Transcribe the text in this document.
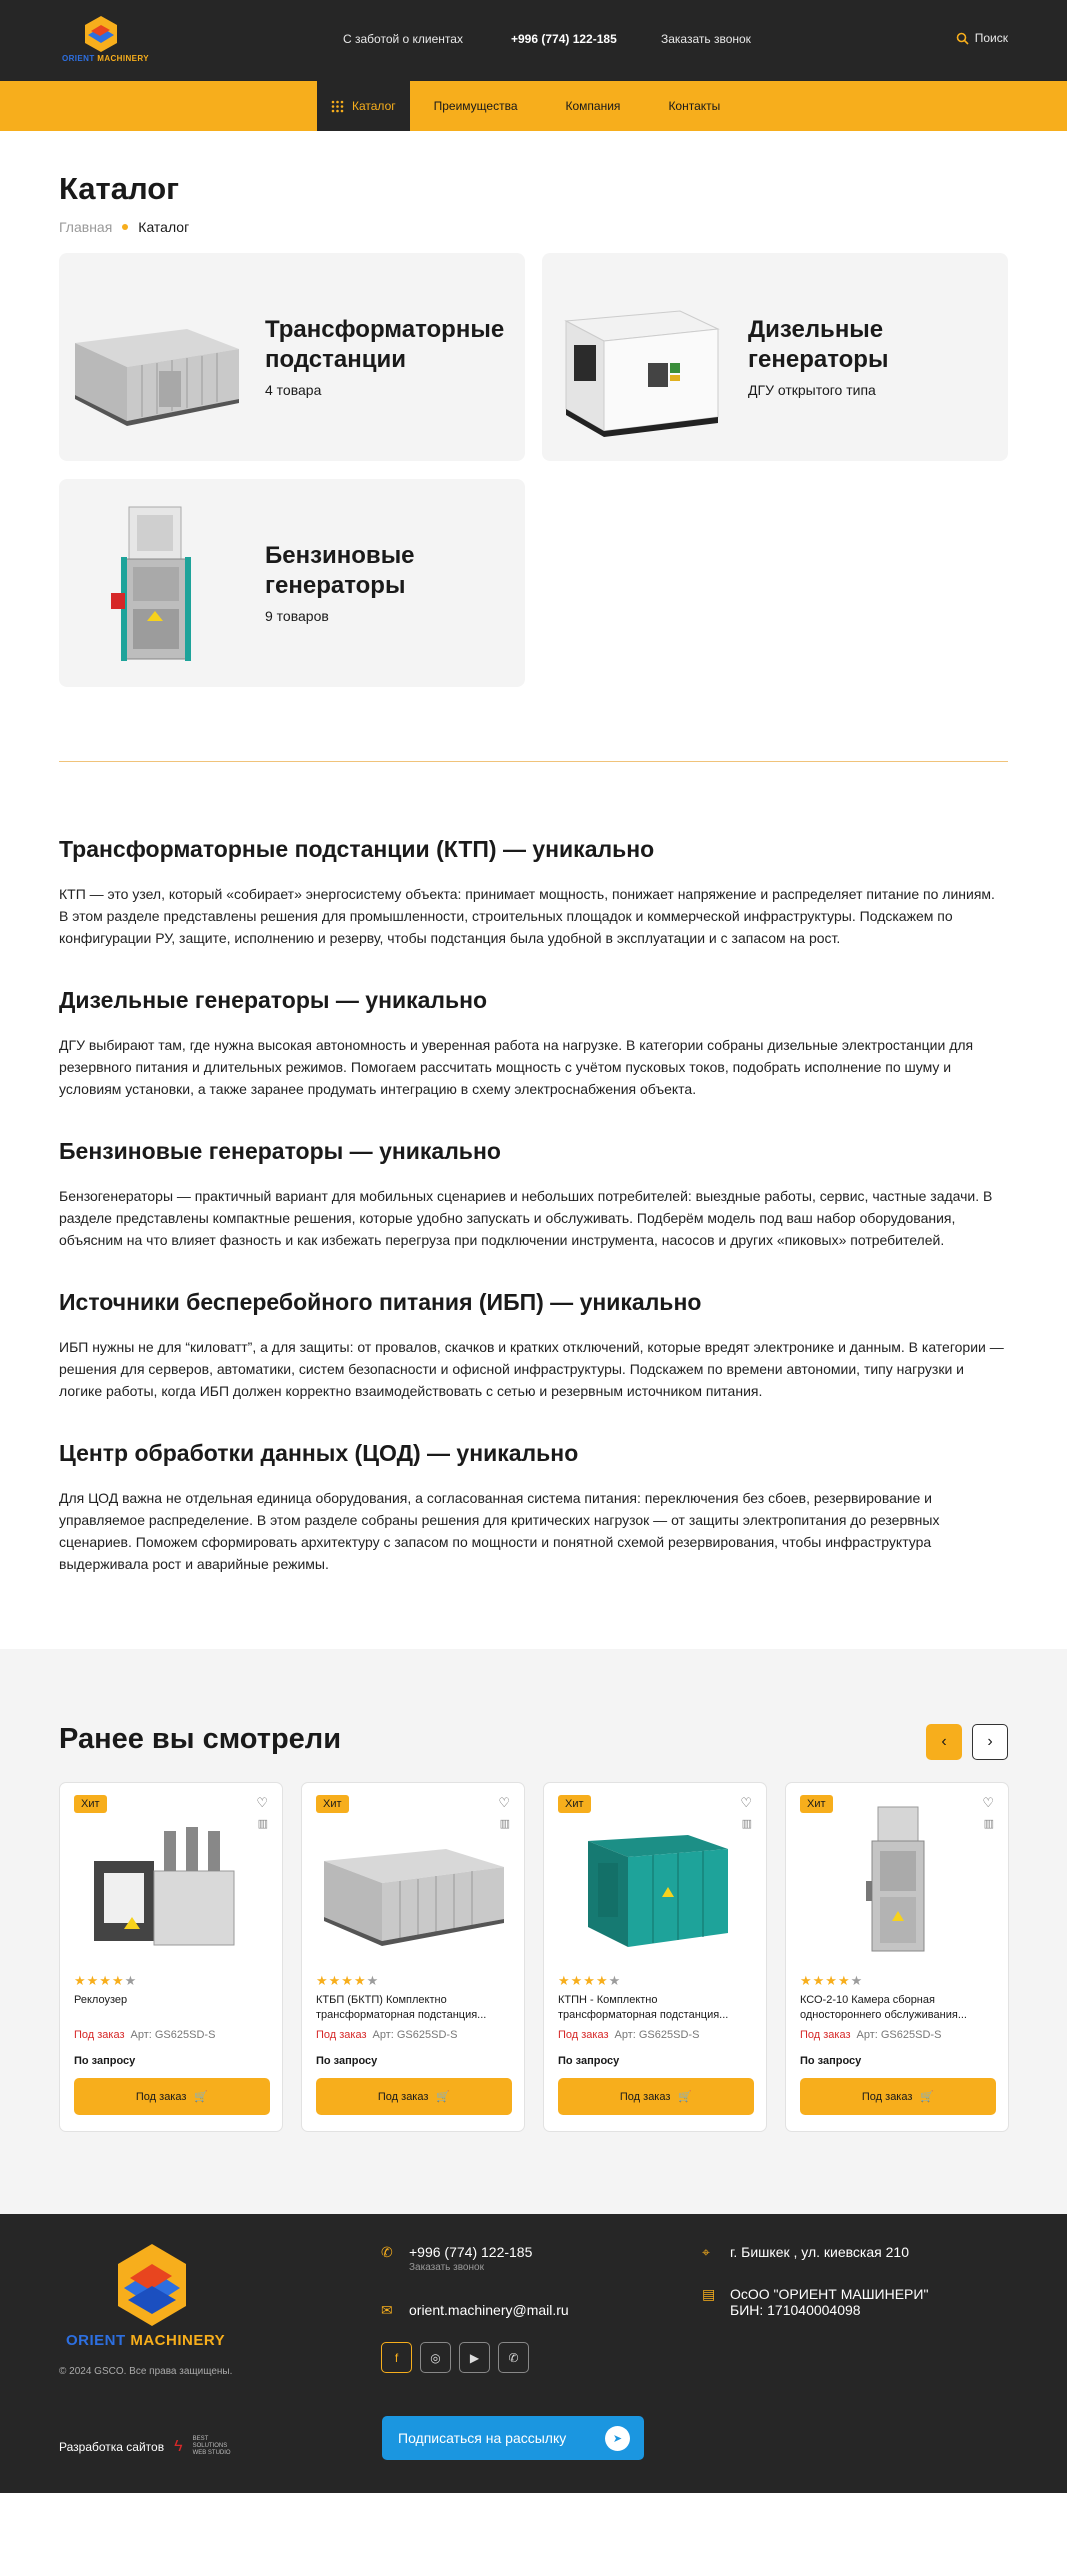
ORIENT MACHINERY
С заботой о клиентах	+996 (774) 122-185	Заказать звонок	Поиск
Каталог	Преимущества	Компания	Контакты
Каталог
Главная Каталог
Трансформаторные подстанции
4 товара
Дизельные генераторы
ДГУ открытого типа
Бензиновые генераторы
9 товаров
Трансформаторные подстанции (КТП) — уникально

КТП — это узел, который «собирает» энергосистему объекта: принимает мощность, понижает напряжение и распределяет питание по линиям. В этом разделе представлены решения для промышленности, строительных площадок и коммерческой инфраструктуры. Подскажем по конфигурации РУ, защите, исполнению и резерву, чтобы подстанция была удобной в эксплуатации и с запасом на рост.

Дизельные генераторы — уникально

ДГУ выбирают там, где нужна высокая автономность и уверенная работа на нагрузке. В категории собраны дизельные электростанции для резервного питания и длительных режимов. Помогаем рассчитать мощность с учётом пусковых токов, подобрать исполнение по шуму и условиям установки, а также заранее продумать интеграцию в схему электроснабжения объекта.

Бензиновые генераторы — уникально

Бензогенераторы — практичный вариант для мобильных сценариев и небольших потребителей: выездные работы, сервис, частные задачи. В разделе представлены компактные решения, которые удобно запускать и обслуживать. Подберём модель под ваш набор оборудования, объясним на что влияет фазность и как избежать перегруза при подключении инструмента, насосов и других «пиковых» потребителей.

Источники бесперебойного питания (ИБП) — уникально

ИБП нужны не для “киловатт”, а для защиты: от провалов, скачков и кратких отключений, которые вредят электронике и данным. В категории — решения для серверов, автоматики, систем безопасности и офисной инфраструктуры. Подскажем по времени автономии, типу нагрузки и логике работы, когда ИБП должен корректно взаимодействовать с сетью и резервным источником питания.

Центр обработки данных (ЦОД) — уникально

Для ЦОД важна не отдельная единица оборудования, а согласованная система питания: переключения без сбоев, резервирование и управляемое распределение. В этом разделе собраны решения для критических нагрузок — от защиты электропитания до резервных сценариев. Поможем сформировать архитектуру с запасом по мощности и понятной схемой резервирования, чтобы инфраструктура выдерживала рост и аварийные режимы.

Ранее вы смотрели	‹	›
Хит	♡
▥
★★★★★
Реклоузер
Под заказ Арт: GS625SD-S
По запросу
Под заказ 🛒
Хит	♡
▥
★★★★★
КТБП (БКТП) Комплектно трансформаторная подстанция...
Под заказ Арт: GS625SD-S
По запросу
Под заказ 🛒
Хит	♡
▥
★★★★★
КТПН - Комплектно трансформаторная подстанция...
Под заказ Арт: GS625SD-S
По запросу
Под заказ 🛒
Хит	♡
▥
★★★★★
КСО-2-10 Камера сборная одностороннего обслуживания...
Под заказ Арт: GS625SD-S
По запросу
Под заказ 🛒
ORIENT MACHINERY
© 2024 GSCO. Все права защищены.
✆	+996 (774) 122-185
Заказать звонок
✉	orient.machinery@mail.ru
f	◎	▶	✆
⌖	г. Бишкек , ул. киевская 210
▤ ОсОО "ОРИЕНТ МАШИНЕРИ"
БИН: 171040004098
Разработка сайтов ϟ BEST SOLUTIONS WEB STUDIO
Подписаться на рассылку	➤
